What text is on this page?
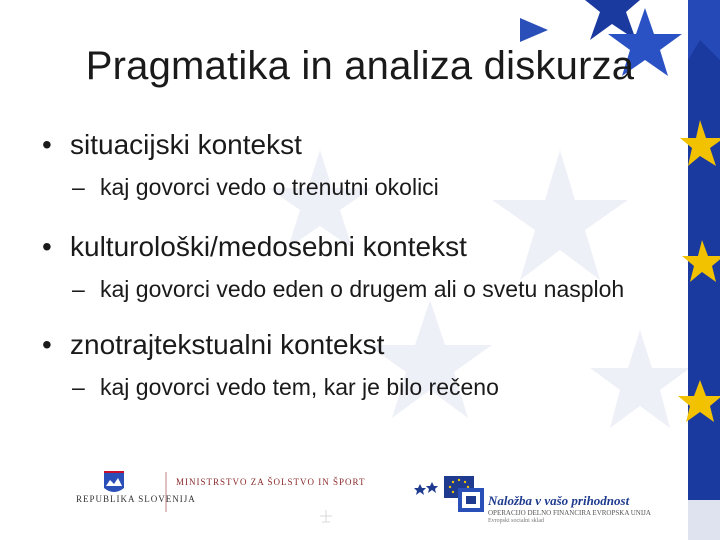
Pragmatika in analiza diskurza
• situacijski kontekst
– kaj govorci vedo o trenutni okolici
• kulturološki/medosebni kontekst
– kaj govorci vedo eden o drugem ali o svetu nasploh
• znotrajtekstualni kontekst
– kaj govorci vedo tem, kar je bilo rečeno
REPUBLIKA SLOVENIJA
MINISTRSTVO ZA ŠOLSTVO IN ŠPORT
Naložba v vašo prihodnost
OPERACIJO DELNO FINANCIRA EVROPSKA UNIJA
Evropski socialni sklad
